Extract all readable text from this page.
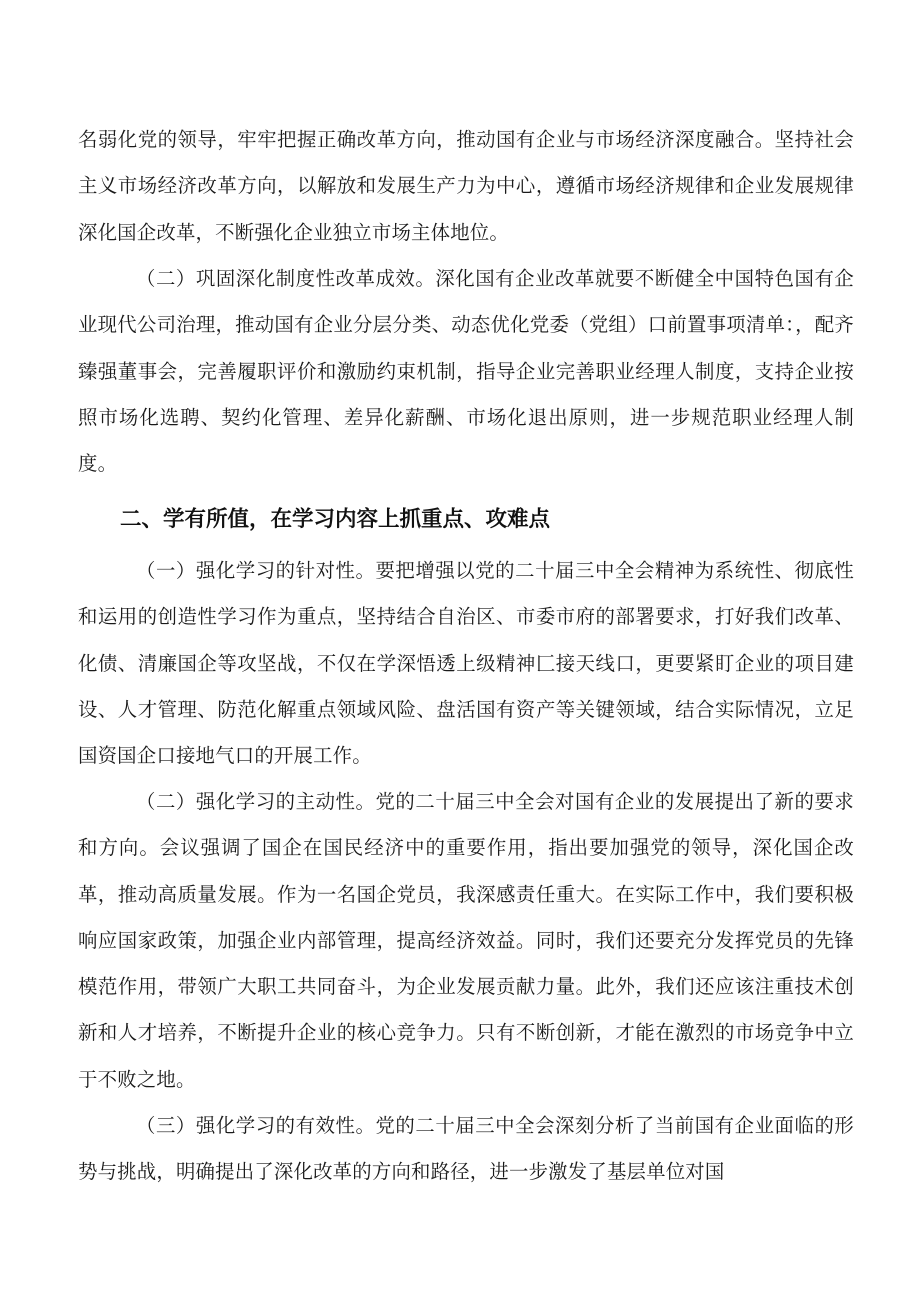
名弱化党的领导，牢牢把握正确改革方向，推动国有企业与市场经济深度融合。坚持社会主义市场经济改革方向，以解放和发展生产力为中心，遵循市场经济规律和企业发展规律深化国企改革，不断强化企业独立市场主体地位。

（二）巩固深化制度性改革成效。深化国有企业改革就要不断健全中国特色国有企业现代公司治理，推动国有企业分层分类、动态优化党委（党组）口前置事项清单：，配齐臻强董事会，完善履职评价和激励约束机制，指导企业完善职业经理人制度，支持企业按照市场化选聘、契约化管理、差异化薪酬、市场化退出原则，进一步规范职业经理人制度。

二、学有所值，在学习内容上抓重点、攻难点

（一）强化学习的针对性。要把增强以党的二十届三中全会精神为系统性、彻底性和运用的创造性学习作为重点，坚持结合自治区、市委市府的部署要求，打好我们改革、化债、清廉国企等攻坚战，不仅在学深悟透上级精神匚接天线口，更要紧盯企业的项目建设、人才管理、防范化解重点领域风险、盘活国有资产等关键领域，结合实际情况，立足国资国企口接地气口的开展工作。

（二）强化学习的主动性。党的二十届三中全会对国有企业的发展提出了新的要求和方向。会议强调了国企在国民经济中的重要作用，指出要加强党的领导，深化国企改革，推动高质量发展。作为一名国企党员，我深感责任重大。在实际工作中，我们要积极响应国家政策，加强企业内部管理，提高经济效益。同时，我们还要充分发挥党员的先锋模范作用，带领广大职工共同奋斗，为企业发展贡献力量。此外，我们还应该注重技术创新和人才培养，不断提升企业的核心竞争力。只有不断创新，才能在激烈的市场竞争中立于不败之地。

（三）强化学习的有效性。党的二十届三中全会深刻分析了当前国有企业面临的形势与挑战，明确提出了深化改革的方向和路径，进一步激发了基层单位对国
